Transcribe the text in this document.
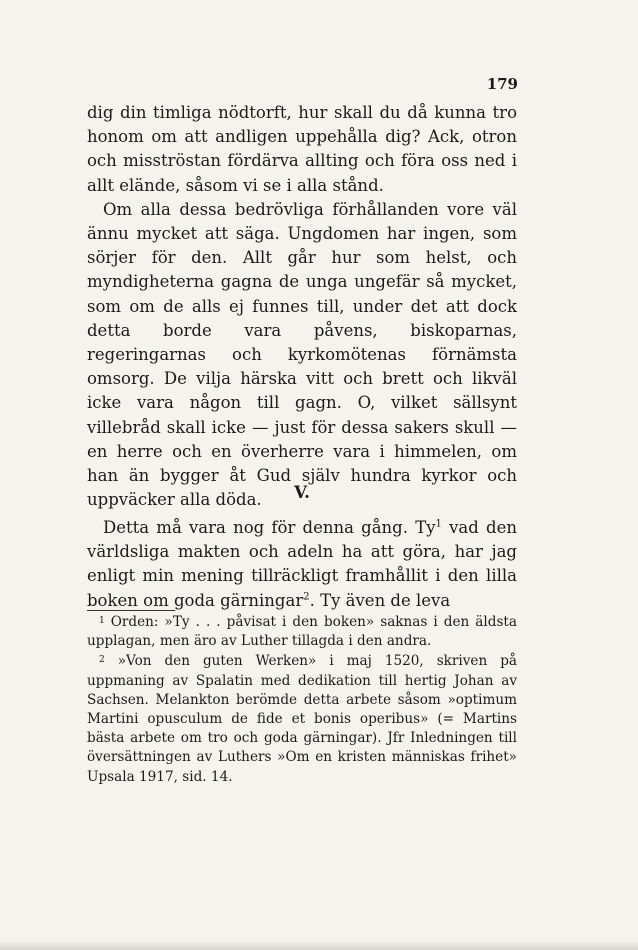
179

dig din timliga nödtorft, hur skall du då kunna tro honom om att andligen uppehålla dig? Ack, otron och misströstan fördärva allting och föra oss ned i allt elände, såsom vi se i alla stånd.

Om alla dessa bedrövliga förhållanden vore väl ännu mycket att säga. Ungdomen har ingen, som sörjer för den. Allt går hur som helst, och myndigheterna gagna de unga ungefär så mycket, som om de alls ej funnes till, under det att dock detta borde vara påvens, biskoparnas, regeringarnas och kyrkomötenas förnämsta omsorg. De vilja härska vitt och brett och likväl icke vara någon till gagn. O, vilket sällsynt villebråd skall icke — just för dessa sakers skull — en herre och en överherre vara i himmelen, om han än bygger åt Gud själv hundra kyrkor och uppväcker alla döda.	V.

Detta må vara nog för denna gång. Ty$^1$ vad den världsliga makten och adeln ha att göra, har jag enligt min mening tillräckligt framhållit i den lilla boken om goda gärningar$^2$. Ty även de leva

$^1$ Orden: »Ty . . . påvisat i den boken» saknas i den äldsta upplagan, men äro av Luther tillagda i den andra.

$^2$ »Von den guten Werken» i maj 1520, skriven på uppmaning av Spalatin med dedikation till hertig Johan av Sachsen. Melankton berömde detta arbete såsom »optimum Martini opusculum de fide et bonis operibus» (= Martins bästa arbete om tro och goda gärningar). Jfr Inledningen till översättningen av Luthers »Om en kristen människas frihet» Upsala 1917, sid. 14.
